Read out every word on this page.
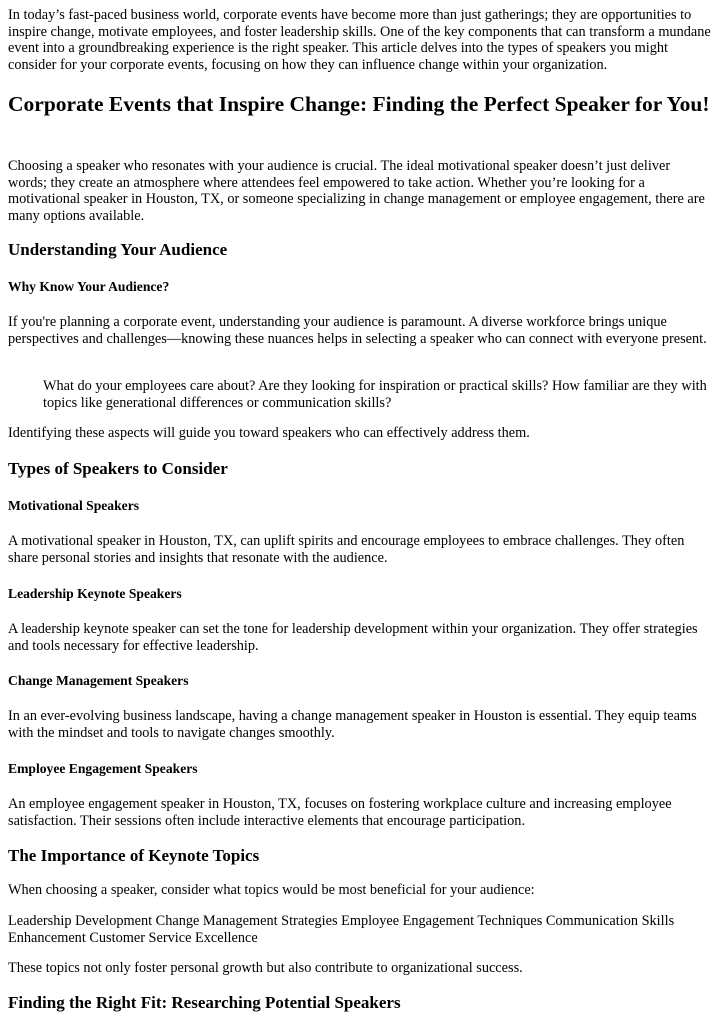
In today’s fast-paced business world, corporate events have become more than just gatherings; they are opportunities to inspire change, motivate employees, and foster leadership skills. One of the key components that can transform a mundane event into a groundbreaking experience is the right speaker. This article delves into the types of speakers you might consider for your corporate events, focusing on how they can influence change within your organization.

Corporate Events that Inspire Change: Finding the Perfect Speaker for You!

Choosing a speaker who resonates with your audience is crucial. The ideal motivational speaker doesn’t just deliver words; they create an atmosphere where attendees feel empowered to take action. Whether you’re looking for a motivational speaker in Houston, TX, or someone specializing in change management or employee engagement, there are many options available.

Understanding Your Audience
Why Know Your Audience?

If you're planning a corporate event, understanding your audience is paramount. A diverse workforce brings unique perspectives and challenges—knowing these nuances helps in selecting a speaker who can connect with everyone present.

What do your employees care about? Are they looking for inspiration or practical skills? How familiar are they with topics like generational differences or communication skills?

Identifying these aspects will guide you toward speakers who can effectively address them.

Types of Speakers to Consider
Motivational Speakers

A motivational speaker in Houston, TX, can uplift spirits and encourage employees to embrace challenges. They often share personal stories and insights that resonate with the audience.

Leadership Keynote Speakers

A leadership keynote speaker can set the tone for leadership development within your organization. They offer strategies and tools necessary for effective leadership.

Change Management Speakers

In an ever-evolving business landscape, having a change management speaker in Houston is essential. They equip teams with the mindset and tools to navigate changes smoothly.

Employee Engagement Speakers

An employee engagement speaker in Houston, TX, focuses on fostering workplace culture and increasing employee satisfaction. Their sessions often include interactive elements that encourage participation.

The Importance of Keynote Topics

When choosing a speaker, consider what topics would be most beneficial for your audience:

Leadership Development Change Management Strategies Employee Engagement Techniques Communication Skills Enhancement Customer Service Excellence

These topics not only foster personal growth but also contribute to organizational success.

Finding the Right Fit: Researching Potential Speakers
